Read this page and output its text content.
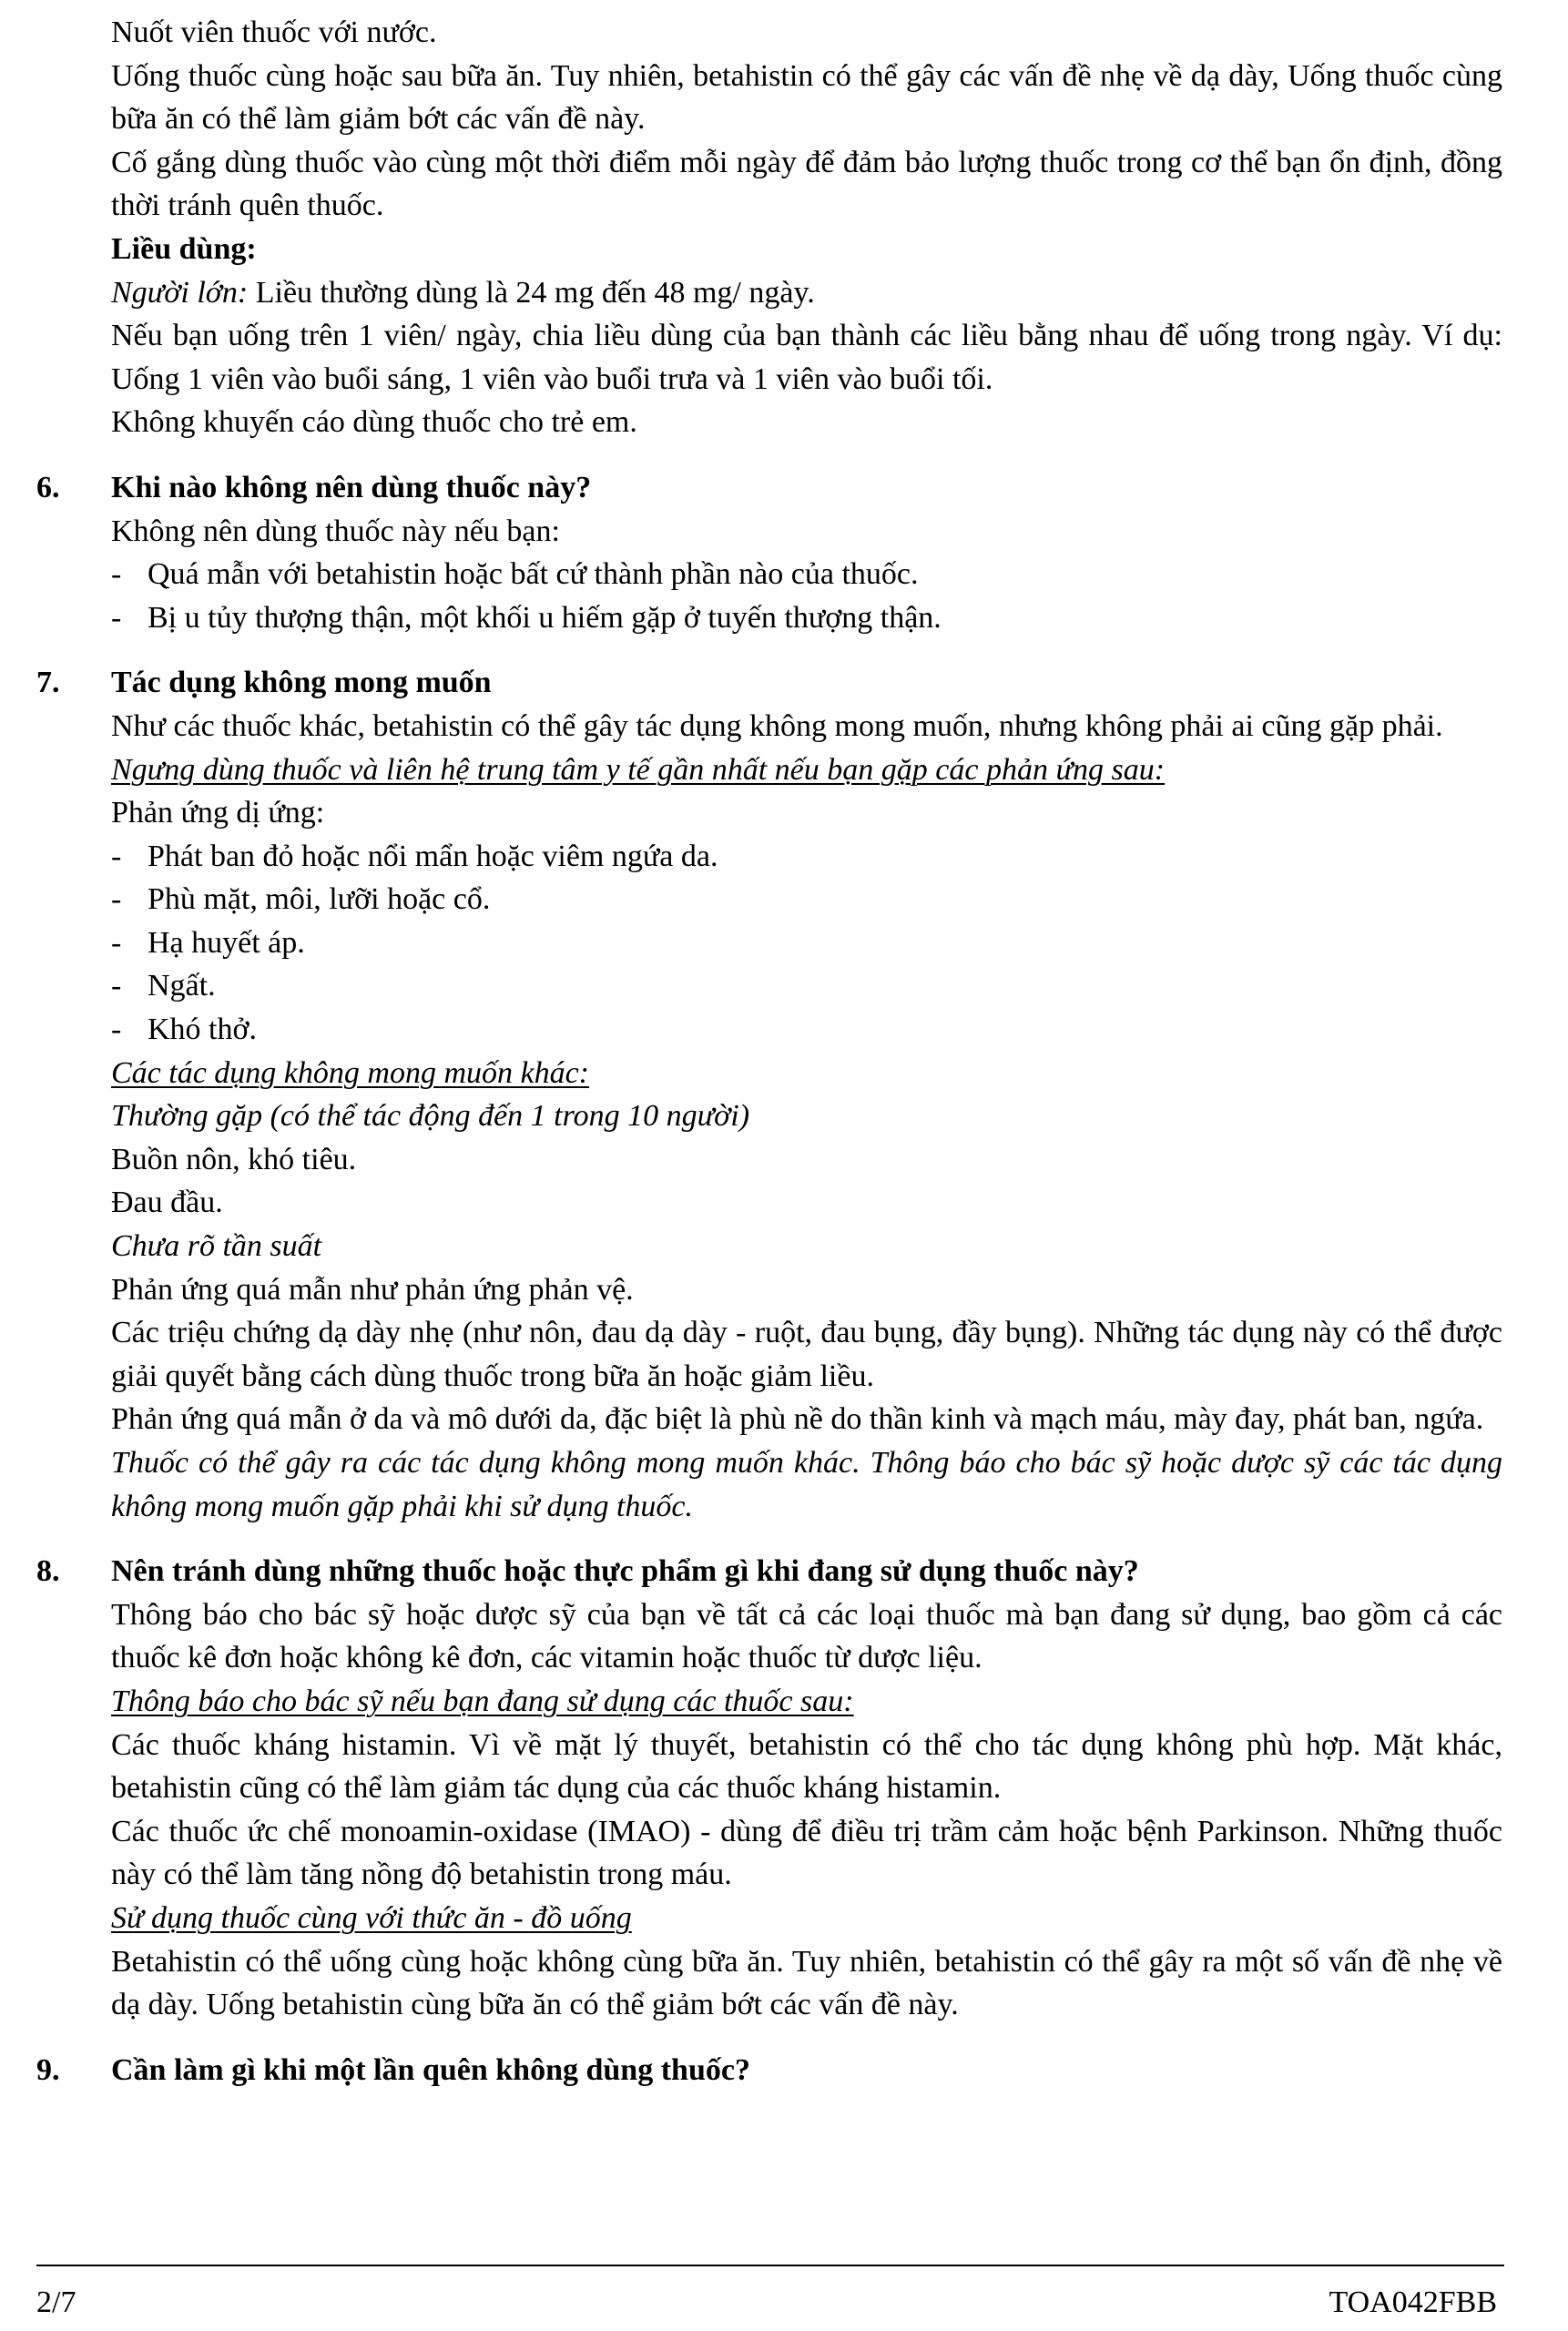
Nuốt viên thuốc với nước.

Uống thuốc cùng hoặc sau bữa ăn. Tuy nhiên, betahistin có thể gây các vấn đề nhẹ về dạ dày, Uống thuốc cùng bữa ăn có thể làm giảm bớt các vấn đề này.

Cố gắng dùng thuốc vào cùng một thời điểm mỗi ngày để đảm bảo lượng thuốc trong cơ thể bạn ổn định, đồng thời tránh quên thuốc.

Liều dùng:

Người lớn: Liều thường dùng là 24 mg đến 48 mg/ ngày.

Nếu bạn uống trên 1 viên/ ngày, chia liều dùng của bạn thành các liều bằng nhau để uống trong ngày. Ví dụ: Uống 1 viên vào buổi sáng, 1 viên vào buổi trưa và 1 viên vào buổi tối.

Không khuyến cáo dùng thuốc cho trẻ em.

6.	Khi nào không nên dùng thuốc này?

Không nên dùng thuốc này nếu bạn:

- Quá mẫn với betahistin hoặc bất cứ thành phần nào của thuốc.
- Bị u tủy thượng thận, một khối u hiếm gặp ở tuyến thượng thận.
7.	Tác dụng không mong muốn

Như các thuốc khác, betahistin có thể gây tác dụng không mong muốn, nhưng không phải ai cũng gặp phải.

Ngưng dùng thuốc và liên hệ trung tâm y tế gần nhất nếu bạn gặp các phản ứng sau:

Phản ứng dị ứng:

- Phát ban đỏ hoặc nổi mẩn hoặc viêm ngứa da.
- Phù mặt, môi, lưỡi hoặc cổ.
- Hạ huyết áp.
- Ngất.
- Khó thở.

Các tác dụng không mong muốn khác:

Thường gặp (có thể tác động đến 1 trong 10 người)

Buồn nôn, khó tiêu.

Đau đầu.

Chưa rõ tần suất

Phản ứng quá mẫn như phản ứng phản vệ.

Các triệu chứng dạ dày nhẹ (như nôn, đau dạ dày - ruột, đau bụng, đầy bụng). Những tác dụng này có thể được giải quyết bằng cách dùng thuốc trong bữa ăn hoặc giảm liều.

Phản ứng quá mẫn ở da và mô dưới da, đặc biệt là phù nề do thần kinh và mạch máu, mày đay, phát ban, ngứa.

Thuốc có thể gây ra các tác dụng không mong muốn khác. Thông báo cho bác sỹ hoặc dược sỹ các tác dụng không mong muốn gặp phải khi sử dụng thuốc.

8.	Nên tránh dùng những thuốc hoặc thực phẩm gì khi đang sử dụng thuốc này?

Thông báo cho bác sỹ hoặc dược sỹ của bạn về tất cả các loại thuốc mà bạn đang sử dụng, bao gồm cả các thuốc kê đơn hoặc không kê đơn, các vitamin hoặc thuốc từ dược liệu.

Thông báo cho bác sỹ nếu bạn đang sử dụng các thuốc sau:

Các thuốc kháng histamin. Vì về mặt lý thuyết, betahistin có thể cho tác dụng không phù hợp. Mặt khác, betahistin cũng có thể làm giảm tác dụng của các thuốc kháng histamin.

Các thuốc ức chế monoamin-oxidase (IMAO) - dùng để điều trị trầm cảm hoặc bệnh Parkinson. Những thuốc này có thể làm tăng nồng độ betahistin trong máu.

Sử dụng thuốc cùng với thức ăn - đồ uống

Betahistin có thể uống cùng hoặc không cùng bữa ăn. Tuy nhiên, betahistin có thể gây ra một số vấn đề nhẹ về dạ dày. Uống betahistin cùng bữa ăn có thể giảm bớt các vấn đề này.

9.	Cần làm gì khi một lần quên không dùng thuốc?
2/7	TOA042FBB
